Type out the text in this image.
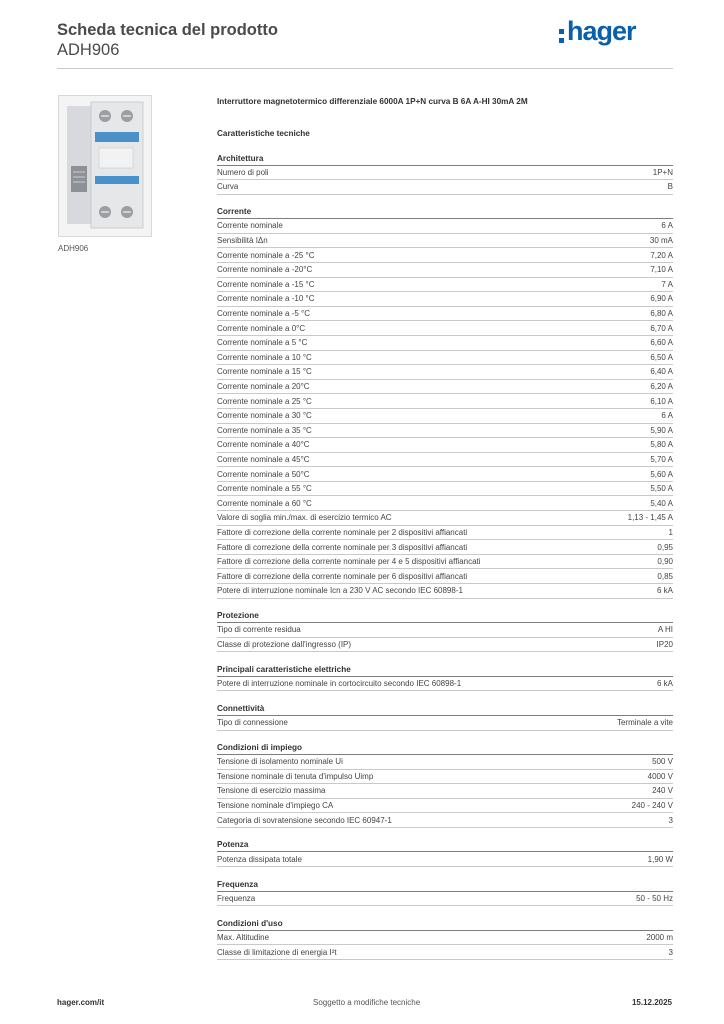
Scheda tecnica del prodotto
ADH906
hager
ADH906
Interruttore magnetotermico differenziale 6000A 1P+N curva B 6A A-HI 30mA 2M
Caratteristiche tecniche
Architettura
Numero di poli	1P+N
Curva	B
Corrente
Corrente nominale	6 A
Sensibilità IΔn	30 mA
Corrente nominale a -25 °C	7,20 A
Corrente nominale a -20°C	7,10 A
Corrente nominale a -15 °C	7 A
Corrente nominale a -10 °C	6,90 A
Corrente nominale a -5 °C	6,80 A
Corrente nominale a 0°C	6,70 A
Corrente nominale a 5 °C	6,60 A
Corrente nominale a 10 °C	6,50 A
Corrente nominale a 15 °C	6,40 A
Corrente nominale a 20°C	6,20 A
Corrente nominale a 25 °C	6,10 A
Corrente nominale a 30 °C	6 A
Corrente nominale a 35 °C	5,90 A
Corrente nominale a 40°C	5,80 A
Corrente nominale a 45°C	5,70 A
Corrente nominale a 50°C	5,60 A
Corrente nominale a 55 °C	5,50 A
Corrente nominale a 60 °C	5,40 A
Valore di soglia min./max. di esercizio termico AC	1,13 - 1,45 A
Fattore di correzione della corrente nominale per 2 dispositivi affiancati	1
Fattore di correzione della corrente nominale per 3 dispositivi affiancati	0,95
Fattore di correzione della corrente nominale per 4 e 5 dispositivi affiancati	0,90
Fattore di correzione della corrente nominale per 6 dispositivi affiancati	0,85
Potere di interruzione nominale Icn a 230 V AC secondo IEC 60898-1	6 kA
Protezione
Tipo di corrente residua	A HI
Classe di protezione dall'ingresso (IP)	IP20
Principali caratteristiche elettriche
Potere di interruzione nominale in cortocircuito secondo IEC 60898-1	6 kA
Connettività
Tipo di connessione	Terminale a vite
Condizioni di impiego
Tensione di isolamento nominale Ui	500 V
Tensione nominale di tenuta d'impulso Uimp	4000 V
Tensione di esercizio massima	240 V
Tensione nominale d'impiego CA	240 - 240 V
Categoria di sovratensione secondo IEC 60947-1	3
Potenza
Potenza dissipata totale	1,90 W
Frequenza
Frequenza	50 - 50 Hz
Condizioni d'uso
Max. Altitudine	2000 m
Classe di limitazione di energia I²t	3
hager.com/it	Soggetto a modifiche tecniche	15.12.2025
